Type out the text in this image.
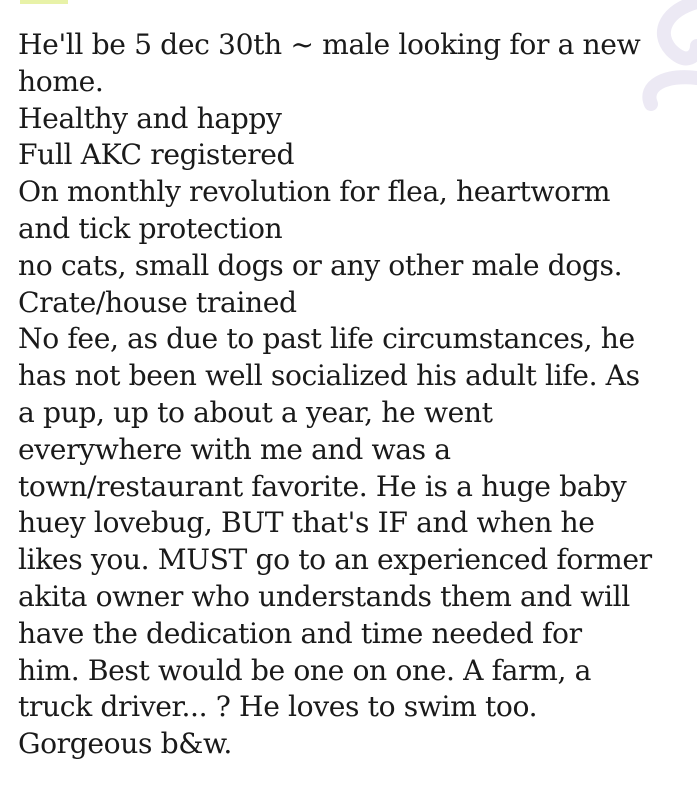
He'll be 5 dec 30th ~ male looking for a new
home.
Healthy and happy
Full AKC registered
On monthly revolution for flea, heartworm
and tick protection
no cats, small dogs or any other male dogs.
Crate/house trained
No fee, as due to past life circumstances, he
has not been well socialized his adult life. As
a pup, up to about a year, he went
everywhere with me and was a
town/restaurant favorite. He is a huge baby
huey lovebug, BUT that's IF and when he
likes you. MUST go to an experienced former
akita owner who understands them and will
have the dedication and time needed for
him. Best would be one on one. A farm, a
truck driver... ? He loves to swim too.
Gorgeous b&w.
